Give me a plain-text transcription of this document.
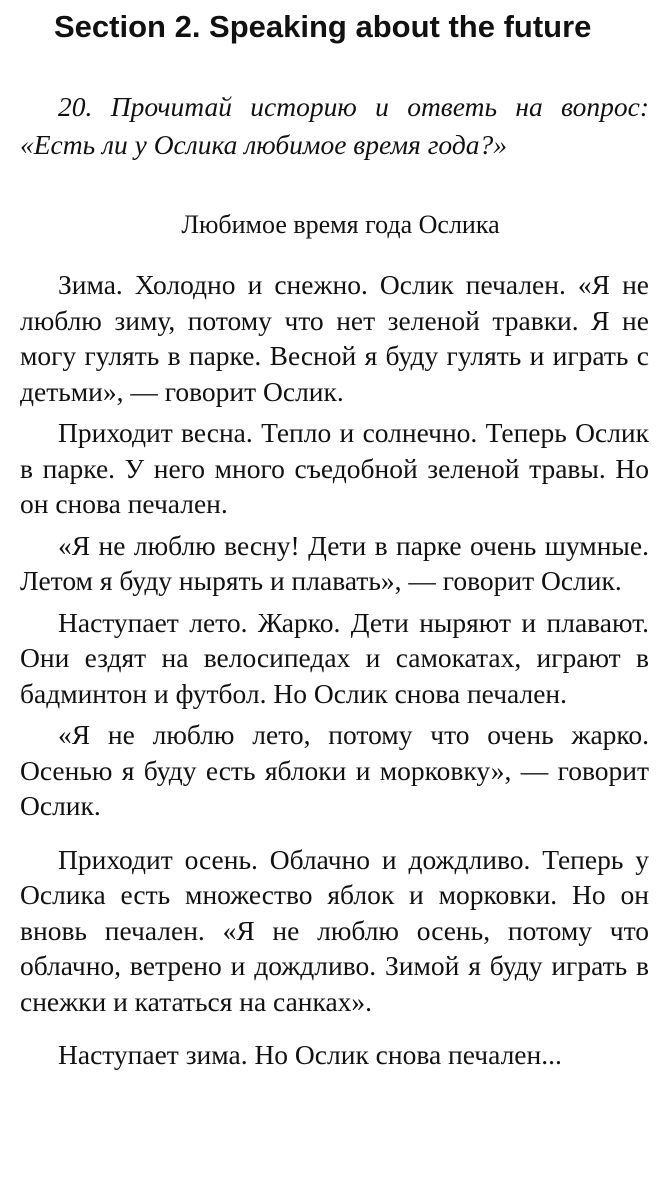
Section 2. Speaking about the future
20. Прочитай историю и ответь на вопрос: «Есть ли у Ослика любимое время года?»
Любимое время года Ослика

Зима. Холодно и снежно. Ослик печален. «Я не люблю зиму, потому что нет зеленой травки. Я не могу гулять в парке. Весной я буду гулять и играть с детьми», — говорит Ослик.

Приходит весна. Тепло и солнечно. Теперь Ослик в парке. У него много съедобной зеленой травы. Но он снова печален.

«Я не люблю весну! Дети в парке очень шумные. Летом я буду нырять и плавать», — говорит Ослик.

Наступает лето. Жарко. Дети ныряют и плавают. Они ездят на велосипедах и самокатах, играют в бадминтон и футбол. Но Ослик снова печален.

«Я не люблю лето, потому что очень жарко. Осенью я буду есть яблоки и морковку», — говорит Ослик.

Приходит осень. Облачно и дождливо. Теперь у Ослика есть множество яблок и морковки. Но он вновь печален. «Я не люблю осень, потому что облачно, ветрено и дождливо. Зимой я буду играть в снежки и кататься на санках».

Наступает зима. Но Ослик снова печален...
